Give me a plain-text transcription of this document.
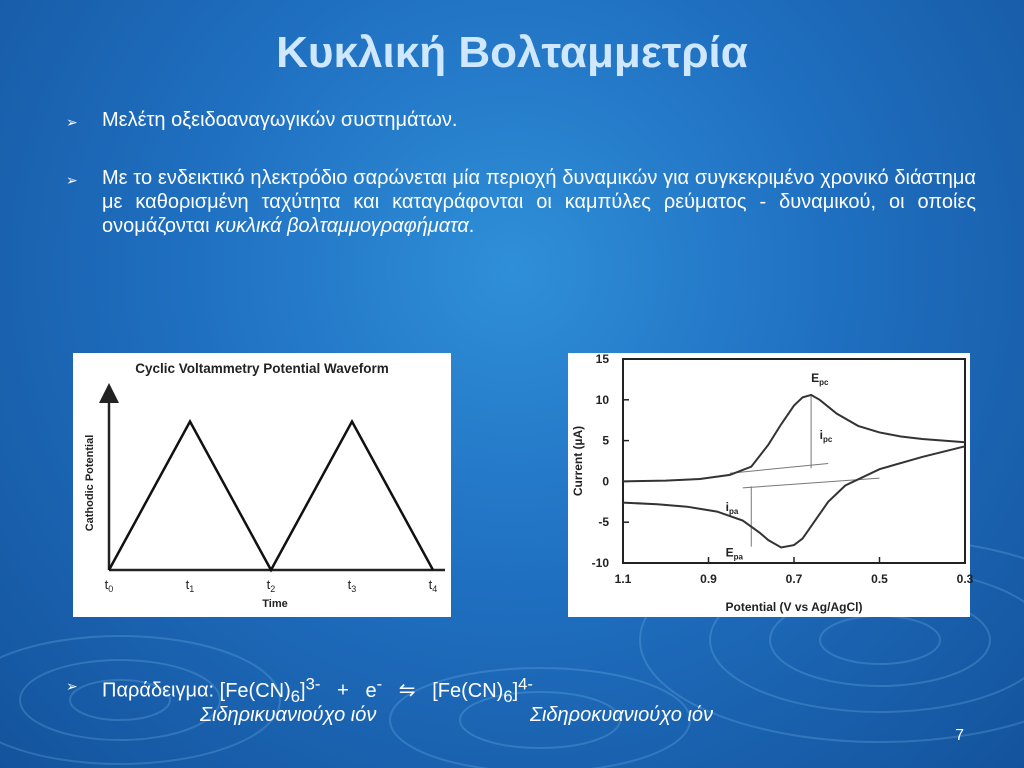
Κυκλική Βολταμμετρία
➢ Μελέτη οξειδοαναγωγικών συστημάτων.
➢ Με το ενδεικτικό ηλεκτρόδιο σαρώνεται μία περιοχή δυναμικών για συγκεκριμένο χρονικό διάστημα με καθορισμένη ταχύτητα και καταγράφονται οι καμπύλες ρεύματος - δυναμικού, οι οποίες ονομάζονται κυκλικά βολταμμογραφήματα.
Cyclic Voltammetry Potential Waveform
Cathodic Potential
Time
$t_0$	$t_1$	$t_2$	$t_3$	$t_4$
Current (µA)
Potential (V vs Ag/AgCl)
15
10
5
0
-5
-10
1.1	0.9	0.7	0.5	0.3
$E_{pc}$
$i_{pc}$
$i_{pa}$
$E_{pa}$
➢ Παράδειγμα: $[Fe(CN)_6]^{3-} + e^-$ ⇋ $[Fe(CN)_6]^{4-}$
Σιδηρικυανιούχο ιόν	Σιδηροκυανιούχο ιόν
7
